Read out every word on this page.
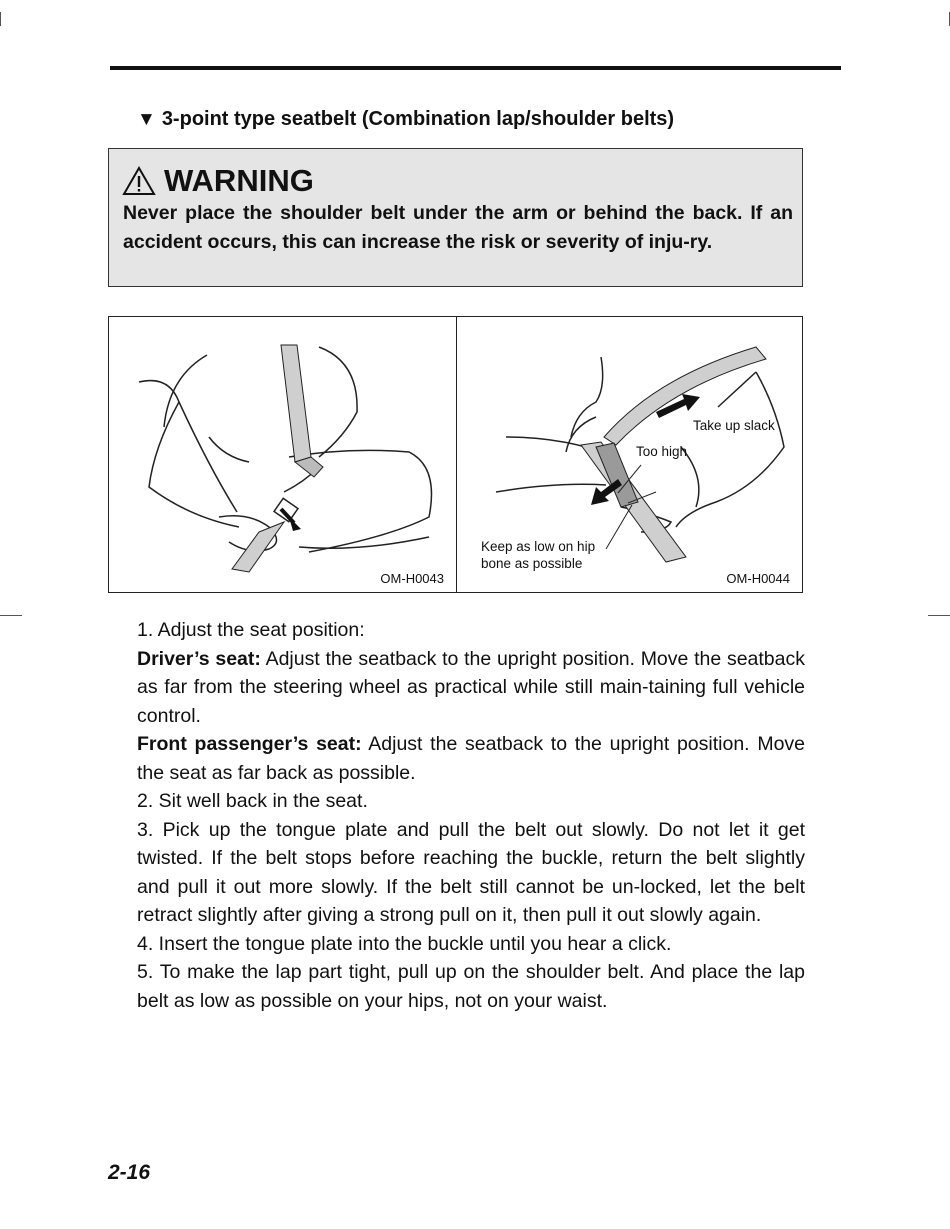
▼ 3-point type seatbelt (Combination lap/shoulder belts)
WARNING
Never place the shoulder belt under the arm or behind the back. If an accident occurs, this can increase the risk or severity of inju-ry.
OM-H0043
Take up slack
Too high
Keep as low on hip
bone as possible
OM-H0044

1. Adjust the seat position:

Driver’s seat: Adjust the seatback to the upright position. Move the seatback as far from the steering wheel as practical while still main-taining full vehicle control.

Front passenger’s seat: Adjust the seatback to the upright position. Move the seat as far back as possible.

2. Sit well back in the seat.

3. Pick up the tongue plate and pull the belt out slowly. Do not let it get twisted. If the belt stops before reaching the buckle, return the belt slightly and pull it out more slowly. If the belt still cannot be un-locked, let the belt retract slightly after giving a strong pull on it, then pull it out slowly again.

4. Insert the tongue plate into the buckle until you hear a click.

5. To make the lap part tight, pull up on the shoulder belt. And place the lap belt as low as possible on your hips, not on your waist.

2-16
